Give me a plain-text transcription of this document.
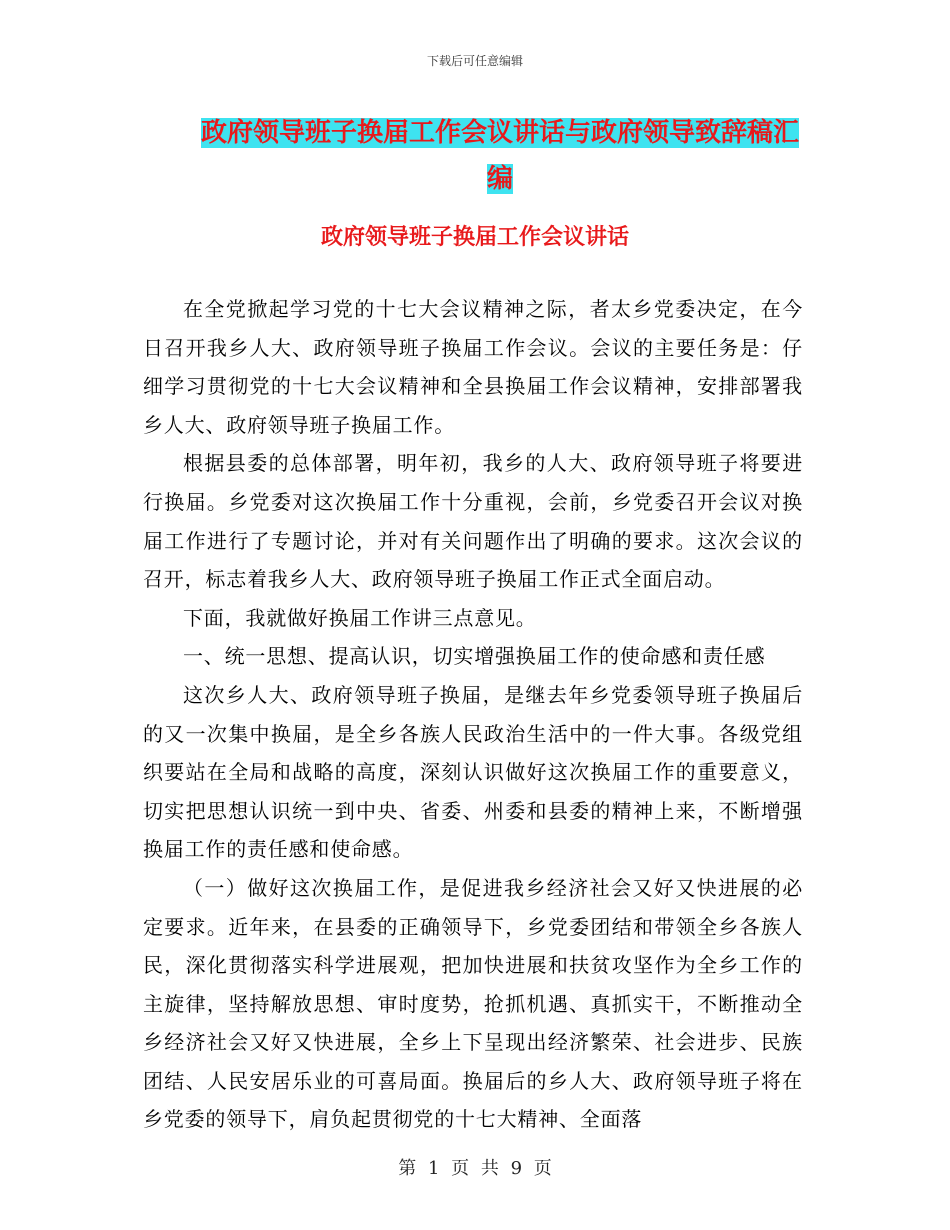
下载后可任意编辑
政府领导班子换届工作会议讲话与政府领导致辞稿汇
编
政府领导班子换届工作会议讲话

在全党掀起学习党的十七大会议精神之际，者太乡党委决定，在今日召开我乡人大、政府领导班子换届工作会议。会议的主要任务是：仔细学习贯彻党的十七大会议精神和全县换届工作会议精神，安排部署我乡人大、政府领导班子换届工作。

根据县委的总体部署，明年初，我乡的人大、政府领导班子将要进行换届。乡党委对这次换届工作十分重视，会前，乡党委召开会议对换届工作进行了专题讨论，并对有关问题作出了明确的要求。这次会议的召开，标志着我乡人大、政府领导班子换届工作正式全面启动。

下面，我就做好换届工作讲三点意见。

一、统一思想、提高认识，切实增强换届工作的使命感和责任感

这次乡人大、政府领导班子换届，是继去年乡党委领导班子换届后的又一次集中换届，是全乡各族人民政治生活中的一件大事。各级党组织要站在全局和战略的高度，深刻认识做好这次换届工作的重要意义，切实把思想认识统一到中央、省委、州委和县委的精神上来，不断增强换届工作的责任感和使命感。

（一）做好这次换届工作，是促进我乡经济社会又好又快进展的必定要求。近年来，在县委的正确领导下，乡党委团结和带领全乡各族人民，深化贯彻落实科学进展观，把加快进展和扶贫攻坚作为全乡工作的主旋律，坚持解放思想、审时度势，抢抓机遇、真抓实干，不断推动全乡经济社会又好又快进展，全乡上下呈现出经济繁荣、社会进步、民族团结、人民安居乐业的可喜局面。换届后的乡人大、政府领导班子将在乡党委的领导下，肩负起贯彻党的十七大精神、全面落

第 1 页 共 9 页
